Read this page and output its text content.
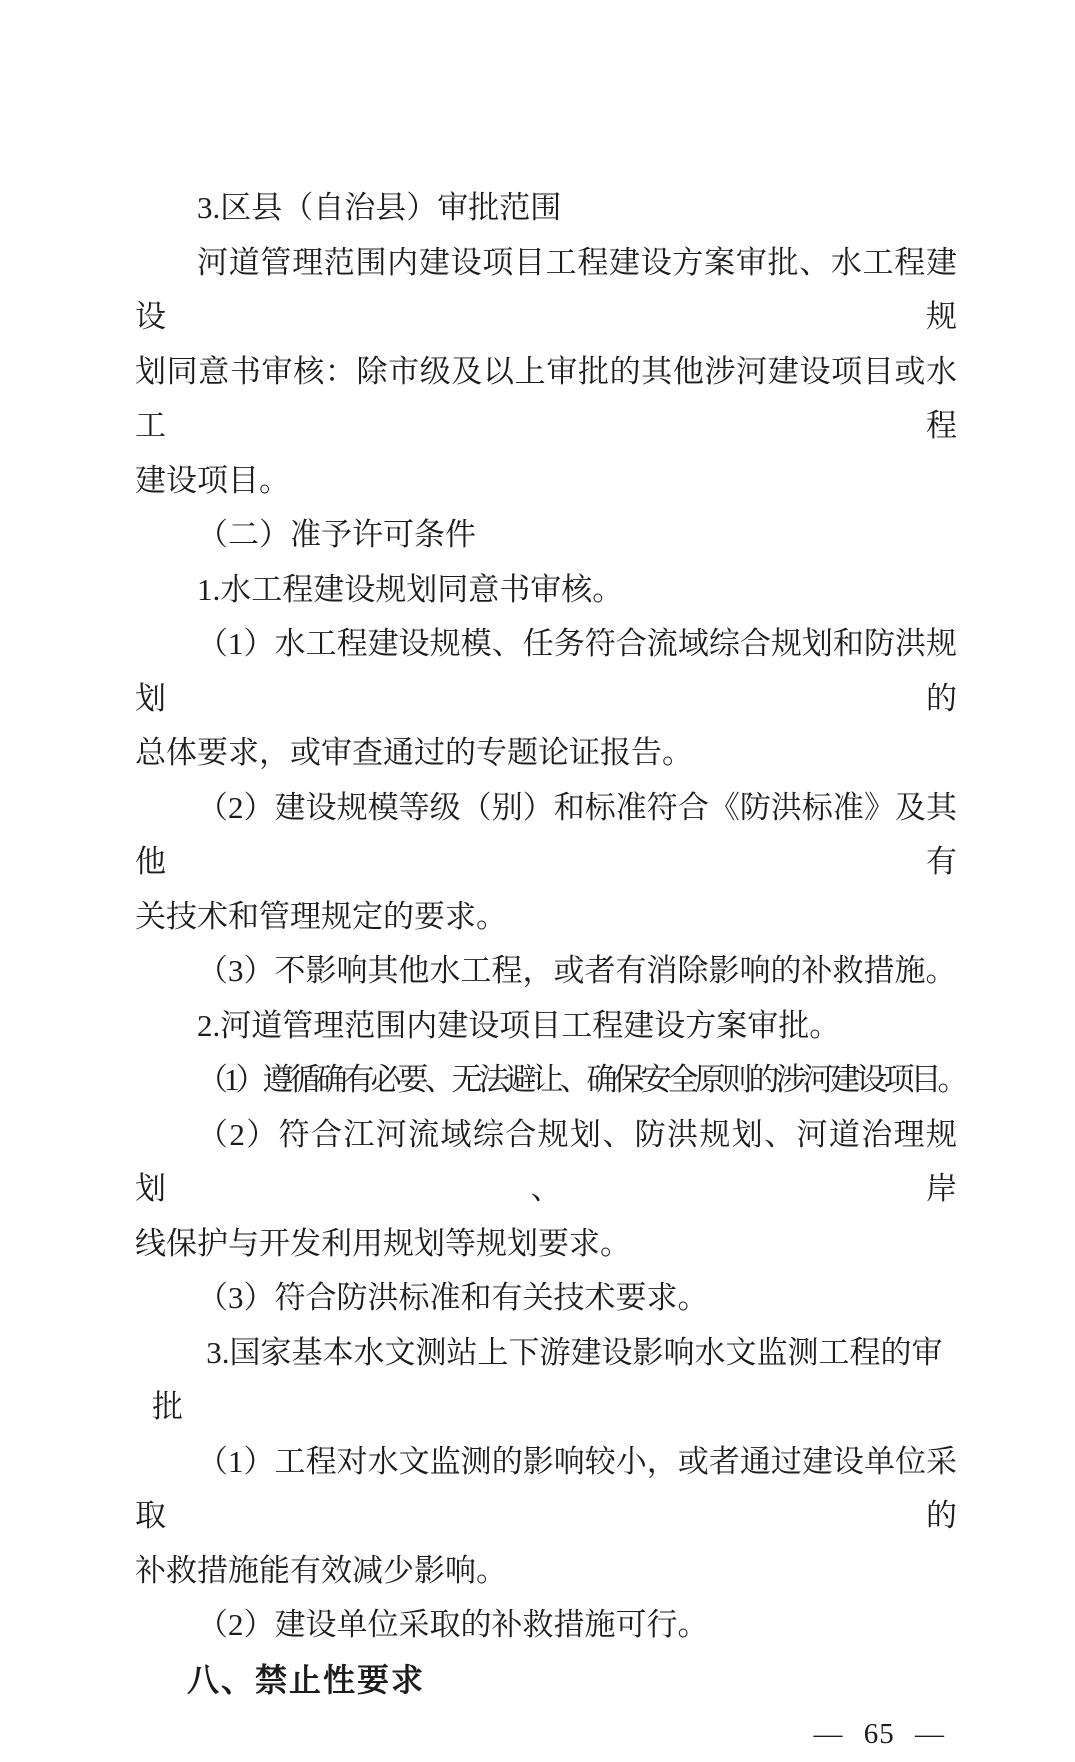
3.区县（自治县）审批范围
河道管理范围内建设项目工程建设方案审批、水工程建设规
划同意书审核：除市级及以上审批的其他涉河建设项目或水工程
建设项目。
（二）准予许可条件
1.水工程建设规划同意书审核。
（1）水工程建设规模、任务符合流域综合规划和防洪规划的
总体要求，或审查通过的专题论证报告。
（2）建设规模等级（别）和标准符合《防洪标准》及其他有
关技术和管理规定的要求。
（3）不影响其他水工程，或者有消除影响的补救措施。
2.河道管理范围内建设项目工程建设方案审批。
（1）遵循确有必要、无法避让、确保安全原则的涉河建设项目。
（2）符合江河流域综合规划、防洪规划、河道治理规划、岸
线保护与开发利用规划等规划要求。
（3）符合防洪标准和有关技术要求。
3.国家基本水文测站上下游建设影响水文监测工程的审
批
（1）工程对水文监测的影响较小，或者通过建设单位采取的
补救措施能有效减少影响。
（2）建设单位采取的补救措施可行。
八、禁止性要求
— 65 —
